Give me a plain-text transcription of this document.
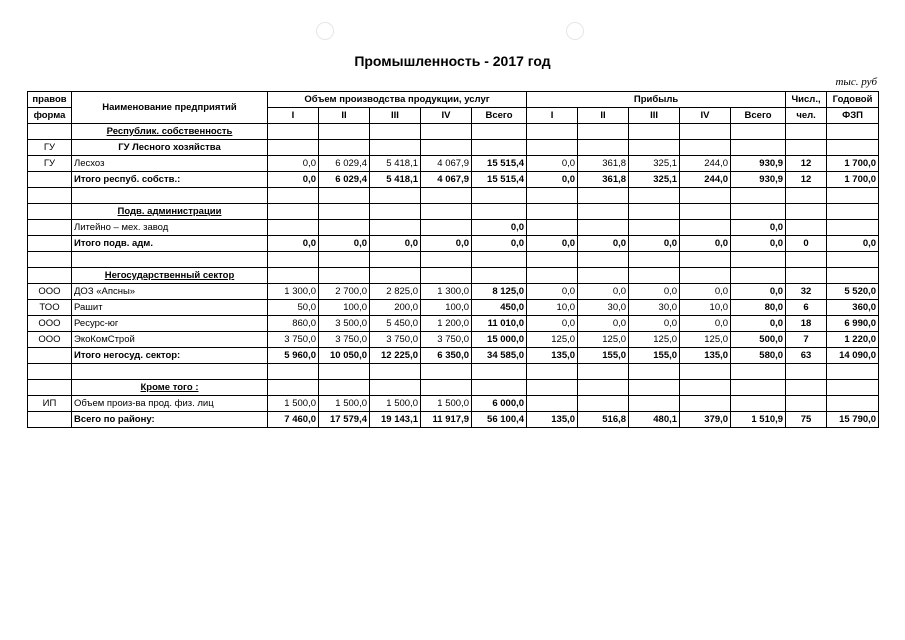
Промышленность - 2017 год
тыс. руб
правов	Наименование предприятий	Объем производства продукции, услуг					Прибыль					Числ.,	Годовой
форма		I	II	III	IV	Всего	I	II	III	IV	Всего	чел.	ФЗП
	Республик. собственность												
ГУ	ГУ Лесного хозяйства												
ГУ	Лесхоз	0,0	6 029,4	5 418,1	4 067,9	15 515,4	0,0	361,8	325,1	244,0	930,9	12	1 700,0
	Итого респуб. собств.:	0,0	6 029,4	5 418,1	4 067,9	15 515,4	0,0	361,8	325,1	244,0	930,9	12	1 700,0

	Подв. администрации												
	Литейно – мех. завод					0,0					0,0		
	Итого подв. адм.	0,0	0,0	0,0	0,0	0,0	0,0	0,0	0,0	0,0	0,0	0	0,0

	Негосударственный сектор												
ООО	ДОЗ «Апсны»	1 300,0	2 700,0	2 825,0	1 300,0	8 125,0	0,0	0,0	0,0	0,0	0,0	32	5 520,0
ТОО	Рашит	50,0	100,0	200,0	100,0	450,0	10,0	30,0	30,0	10,0	80,0	6	360,0
ООО	Ресурс-юг	860,0	3 500,0	5 450,0	1 200,0	11 010,0	0,0	0,0	0,0	0,0	0,0	18	6 990,0
ООО	ЭкоКомСтрой	3 750,0	3 750,0	3 750,0	3 750,0	15 000,0	125,0	125,0	125,0	125,0	500,0	7	1 220,0
	Итого негосуд. сектор:	5 960,0	10 050,0	12 225,0	6 350,0	34 585,0	135,0	155,0	155,0	135,0	580,0	63	14 090,0

	Кроме того :												
ИП	Объем произ-ва прод. физ. лиц	1 500,0	1 500,0	1 500,0	1 500,0	6 000,0							
	Всего по району:	7 460,0	17 579,4	19 143,1	11 917,9	56 100,4	135,0	516,8	480,1	379,0	1 510,9	75	15 790,0
